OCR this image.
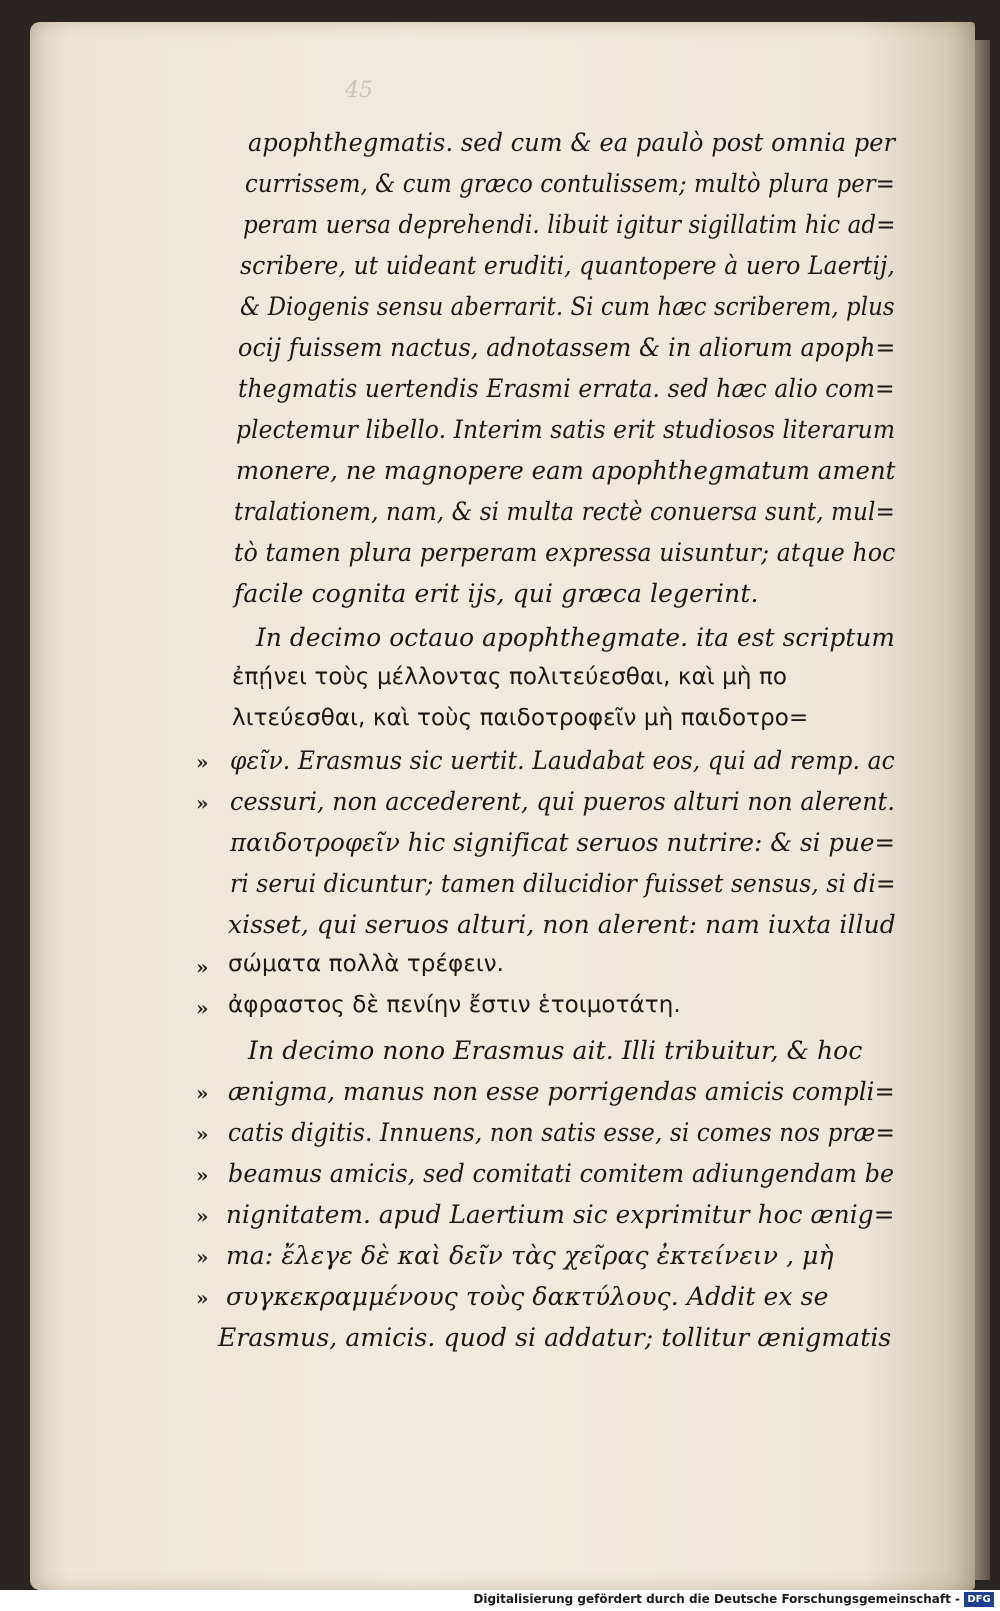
45
apophthegmatis. sed cum & ea paulò post omnia per
currissem, & cum græco contulissem; multò plura per=
peram uersa deprehendi. libuit igitur sigillatim hic ad=
scribere, ut uideant eruditi, quantopere à uero Laertij,
& Diogenis sensu aberrarit. Si cum hæc scriberem, plus
ocij fuissem nactus, adnotassem & in aliorum apoph=
thegmatis uertendis Erasmi errata. sed hæc alio com=
plectemur libello. Interim satis erit studiosos literarum
monere, ne magnopere eam apophthegmatum ament
tralationem, nam, & si multa rectè conuersa sunt, mul=
tò tamen plura perperam expressa uisuntur; atque hoc
facile cognita erit ijs, qui græca legerint.
In decimo octauo apophthegmate. ita est scriptum
ἐπῄνει τοὺς μέλλοντας πολιτεύεσθαι, καὶ μὴ πο
λιτεύεσθαι, καὶ τοὺς παιδοτροφεῖν μὴ παιδοτρο=
» φεῖν. Erasmus sic uertit. Laudabat eos, qui ad remp. ac
» cessuri, non accederent, qui pueros alturi non alerent.
παιδοτροφεῖν hic significat seruos nutrire: & si pue=
ri serui dicuntur; tamen dilucidior fuisset sensus, si di=
xisset, qui seruos alturi, non alerent: nam iuxta illud
» σώματα πολλὰ τρέφειν.
» ἀφραστος δὲ πενίην ἔστιν ἑτοιμοτάτη.
In decimo nono Erasmus ait. Illi tribuitur, & hoc
» ænigma, manus non esse porrigendas amicis compli=
» catis digitis. Innuens, non satis esse, si comes nos præ=
» beamus amicis, sed comitati comitem adiungendam be
» nignitatem. apud Laertium sic exprimitur hoc ænig=
» ma: ἔλεγε δὲ καὶ δεῖν τὰς χεῖρας ἐκτείνειν , μὴ
» συγκεκραμμένους τοὺς δακτύλους. Addit ex se
Erasmus, amicis. quod si addatur; tollitur ænigmatis
Digitalisierung gefördert durch die Deutsche Forschungsgemeinschaft - DFG
